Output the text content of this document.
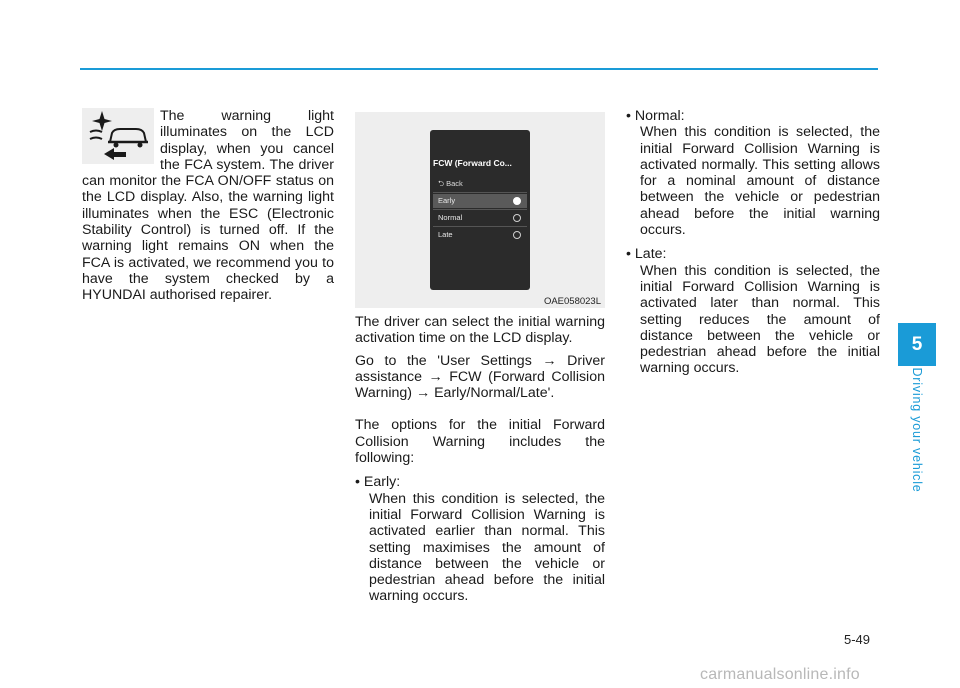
The warning light illuminates on the LCD display, when you cancel the FCA system. The driver can monitor the FCA ON/OFF status on the LCD display. Also, the warning light illuminates when the ESC (Electronic Stability Control) is turned off. If the warning light remains ON when the FCA is activated, we recommend you to have the system checked by a HYUNDAI authorised repairer.

FCW (Forward Co...
⮌ Back
Early
Normal
Late
OAE058023L

The driver can select the initial warning activation time on the LCD display.

Go to the 'User Settings → Driver assistance → FCW (Forward Collision Warning) → Early/Normal/Late'.

The options for the initial Forward Collision Warning includes the following:

• Early:

When this condition is selected, the initial Forward Collision Warning is activated earlier than normal. This setting maximises the amount of distance between the vehicle or pedestrian ahead before the initial warning occurs.

• Normal:

When this condition is selected, the initial Forward Collision Warning is activated normally. This setting allows for a nominal amount of distance between the vehicle or pedestrian ahead before the initial warning occurs.

• Late:

When this condition is selected, the initial Forward Collision Warning is activated later than normal. This setting reduces the amount of distance between the vehicle or pedestrian ahead before the initial warning occurs.

5
Driving your vehicle
5-49
carmanualsonline.info
